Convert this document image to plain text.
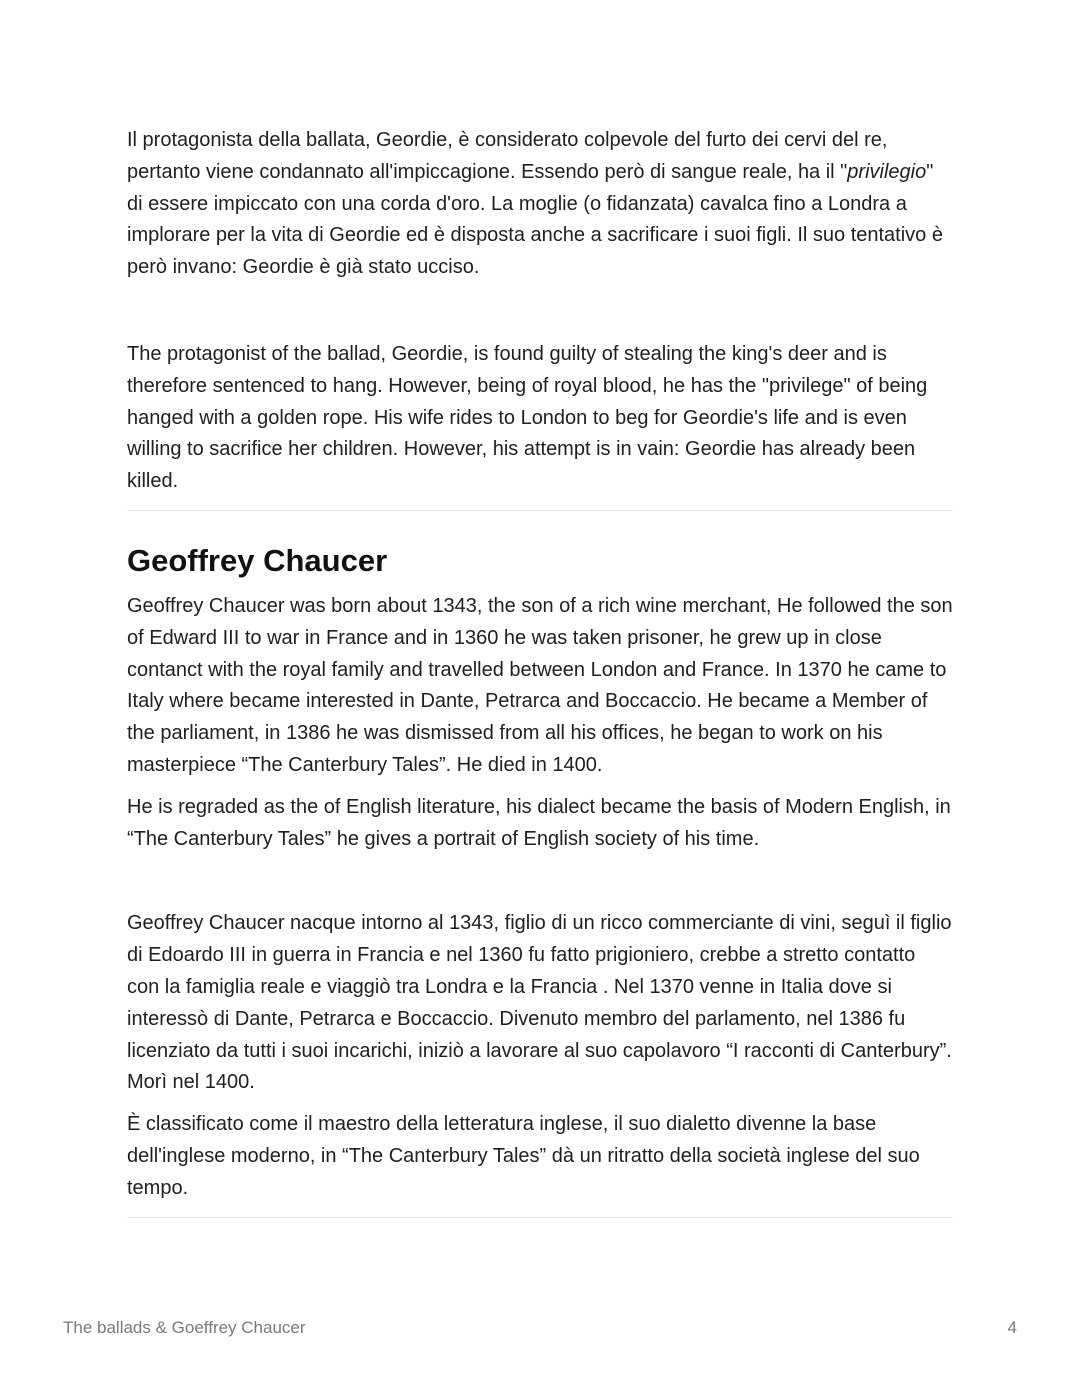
Il protagonista della ballata, Geordie, è considerato colpevole del furto dei cervi del re, pertanto viene condannato all'impiccagione. Essendo però di sangue reale, ha il "privilegio" di essere impiccato con una corda d'oro. La moglie (o fidanzata) cavalca fino a Londra a implorare per la vita di Geordie ed è disposta anche a sacrificare i suoi figli. Il suo tentativo è però invano: Geordie è già stato ucciso.

The protagonist of the ballad, Geordie, is found guilty of stealing the king's deer and is therefore sentenced to hang. However, being of royal blood, he has the "privilege" of being hanged with a golden rope. His wife rides to London to beg for Geordie's life and is even willing to sacrifice her children. However, his attempt is in vain: Geordie has already been killed.

Geoffrey Chaucer

Geoffrey Chaucer was born about 1343, the son of a rich wine merchant, He followed the son of Edward III to war in France and in 1360 he was taken prisoner, he grew up in close contanct with the royal family and travelled between London and France. In 1370 he came to Italy where became interested in Dante, Petrarca and Boccaccio. He became a Member of the parliament, in 1386 he was dismissed from all his offices, he began to work on his masterpiece “The Canterbury Tales”. He died in 1400.

He is regraded as the of English literature, his dialect became the basis of Modern English, in “The Canterbury Tales” he gives a portrait of English society of his time.

Geoffrey Chaucer nacque intorno al 1343, figlio di un ricco commerciante di vini, seguì il figlio di Edoardo III in guerra in Francia e nel 1360 fu fatto prigioniero, crebbe a stretto contatto con la famiglia reale e viaggiò tra Londra e la Francia . Nel 1370 venne in Italia dove si interessò di Dante, Petrarca e Boccaccio. Divenuto membro del parlamento, nel 1386 fu licenziato da tutti i suoi incarichi, iniziò a lavorare al suo capolavoro “I racconti di Canterbury”. Morì nel 1400.

È classificato come il maestro della letteratura inglese, il suo dialetto divenne la base dell'inglese moderno, in “The Canterbury Tales” dà un ritratto della società inglese del suo tempo.

The ballads & Goeffrey Chaucer	4
